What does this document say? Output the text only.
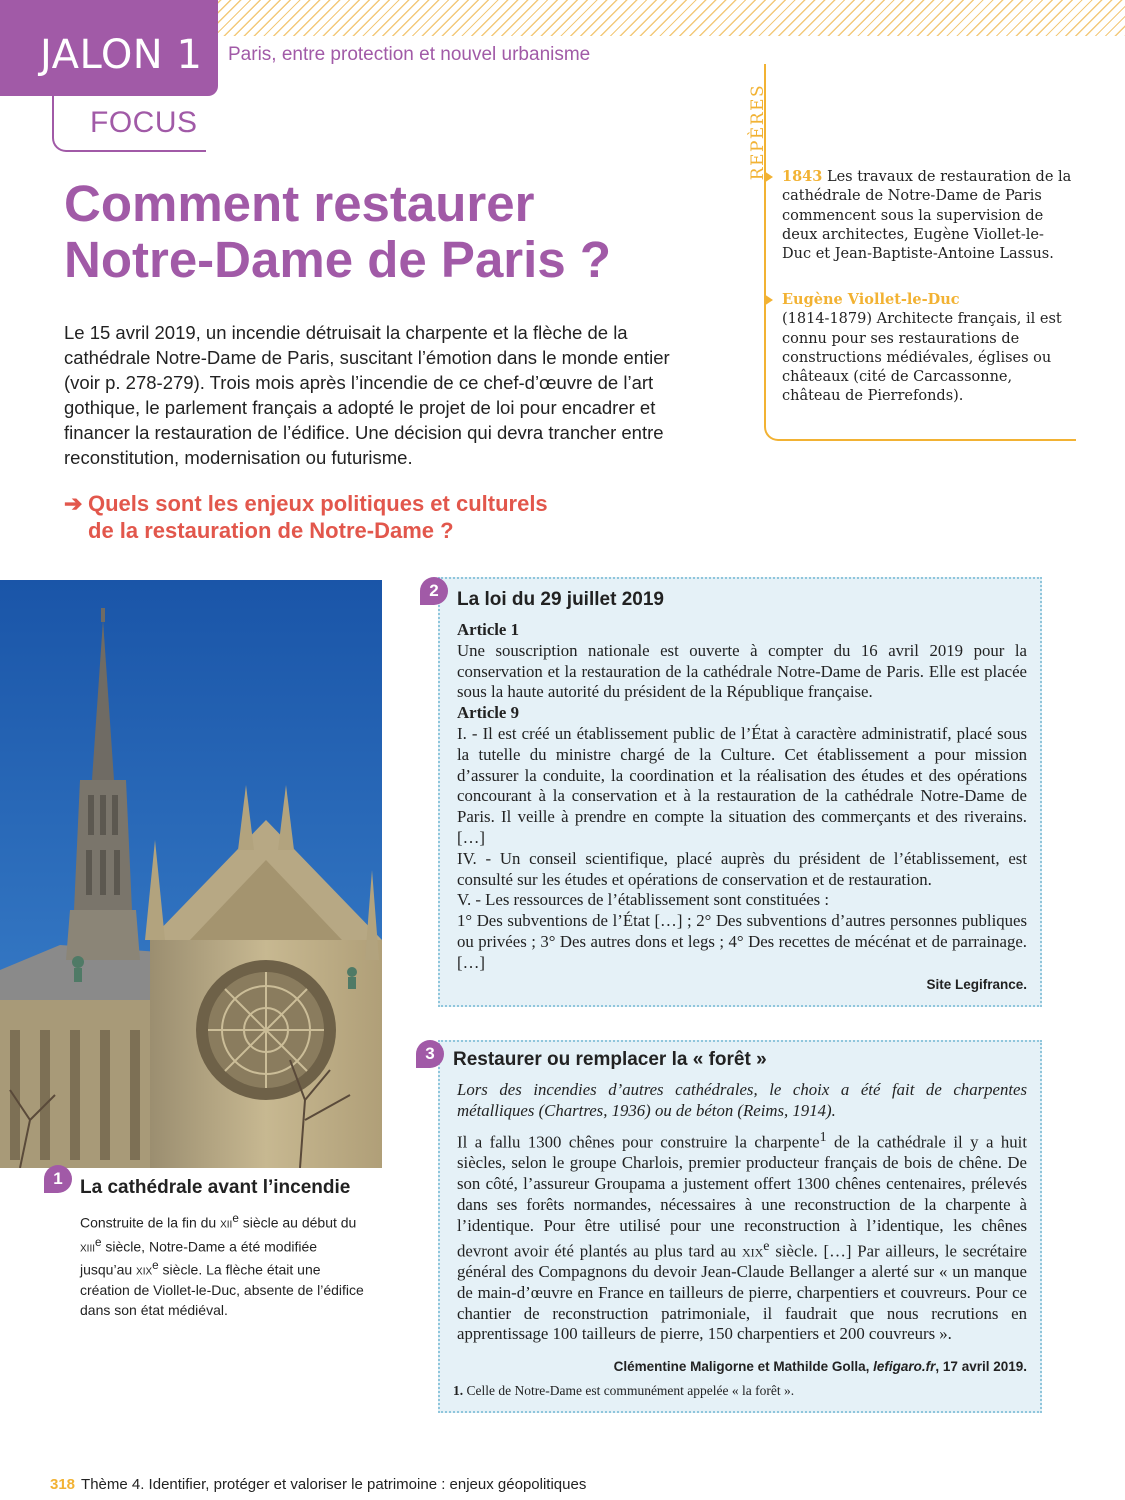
JALON 1 Paris, entre protection et nouvel urbanisme
FOCUS
Comment restaurer
Notre-Dame de Paris ?

Le 15 avril 2019, un incendie détruisait la charpente et la flèche de la cathédrale Notre-Dame de Paris, suscitant l’émotion dans le monde entier (voir p. 278-279). Trois mois après l’incendie de ce chef-d’œuvre de l’art gothique, le parlement français a adopté le projet de loi pour encadrer et financer la restauration de l’édifice. Une décision qui devra trancher entre reconstitution, modernisation ou futurisme.

➔ Quels sont les enjeux politiques et culturels
de la restauration de Notre-Dame ?
REPÈRES 1843 Les travaux de restauration de la cathédrale de Notre-Dame de Paris commencent sous la supervision de deux architectes, Eugène Viollet-le-Duc et Jean-Baptiste-Antoine Lassus.

Eugène Viollet-le-Duc
(1814-1879) Architecte français, il est connu pour ses restaurations de constructions médiévales, églises ou châteaux (cité de Carcassonne, château de Pierrefonds).

1 La cathédrale avant l’incendie

Construite de la fin du xii$^e$ siècle au début du xiii$^e$ siècle, Notre-Dame a été modifiée jusqu’au xix$^e$ siècle. La flèche était une création de Viollet-le-Duc, absente de l’édifice dans son état médiéval.

2 La loi du 29 juillet 2019

Article 1

Une souscription nationale est ouverte à compter du 16 avril 2019 pour la conservation et la restauration de la cathédrale Notre-Dame de Paris. Elle est placée sous la haute autorité du président de la République française.

Article 9

I. - Il est créé un établissement public de l’État à caractère administratif, placé sous la tutelle du ministre chargé de la Culture. Cet établissement a pour mission d’assurer la conduite, la coordination et la réalisation des études et des opérations concourant à la conservation et à la restauration de la cathédrale Notre-Dame de Paris. Il veille à prendre en compte la situation des commerçants et des riverains. […]

IV. - Un conseil scientifique, placé auprès du président de l’établissement, est consulté sur les études et opérations de conservation et de restauration.

V. - Les ressources de l’établissement sont constituées :

1° Des subventions de l’État […] ; 2° Des subventions d’autres personnes publiques ou privées ; 3° Des autres dons et legs ; 4° Des recettes de mécénat et de parrainage. […]

Site Legifrance.

3 Restaurer ou remplacer la « forêt »

Lors des incendies d’autres cathédrales, le choix a été fait de charpentes métalliques (Chartres, 1936) ou de béton (Reims, 1914).

Il a fallu 1300 chênes pour construire la charpente$^1$ de la cathédrale il y a huit siècles, selon le groupe Charlois, premier producteur français de bois de chêne. De son côté, l’assureur Groupama a justement offert 1300 chênes centenaires, prélevés dans ses forêts normandes, nécessaires à une reconstruction de la charpente à l’identique. Pour être utilisé pour une reconstruction à l’identique, les chênes devront avoir été plantés au plus tard au xix$^e$ siècle. […] Par ailleurs, le secrétaire général des Compagnons du devoir Jean-Claude Bellanger a alerté sur « un manque de main-d’œuvre en France en tailleurs de pierre, charpentiers et couvreurs. Pour ce chantier de reconstruction patrimoniale, il faudrait que nous recrutions en apprentissage 100 tailleurs de pierre, 150 charpentiers et 200 couvreurs ».

Clémentine Maligorne et Mathilde Golla, lefigaro.fr, 17 avril 2019.

1. Celle de Notre-Dame est communément appelée « la forêt ».

318 Thème 4. Identifier, protéger et valoriser le patrimoine : enjeux géopolitiques
